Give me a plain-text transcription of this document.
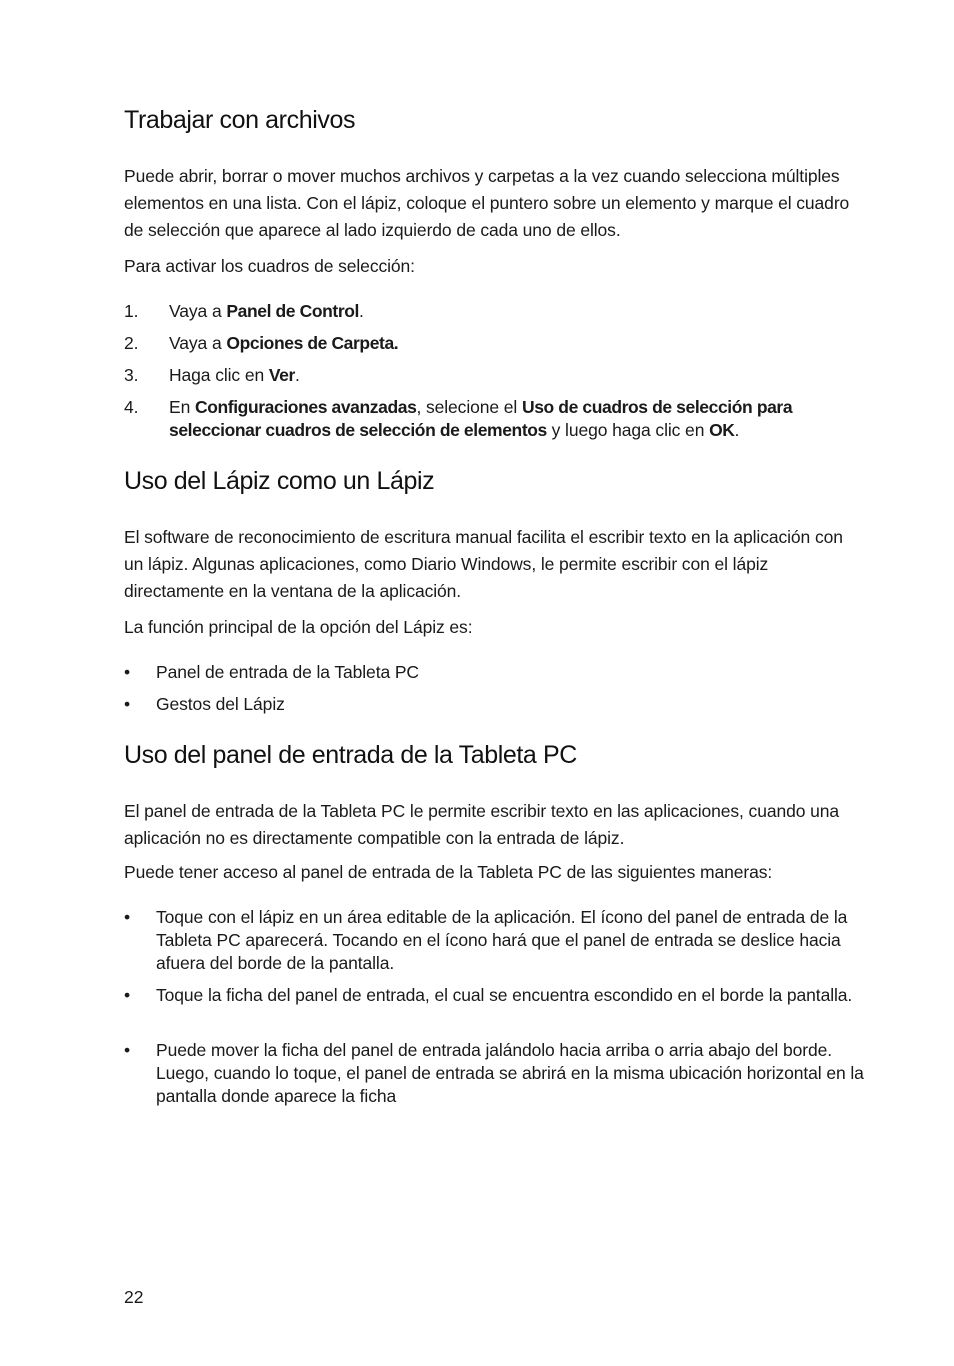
Trabajar con archivos

Puede abrir, borrar o mover muchos archivos y carpetas a la vez cuando selecciona múltiples elementos en una lista. Con el lápiz, coloque el puntero sobre un elemento y marque el cuadro de selección que aparece al lado izquierdo de cada uno de ellos.

Para activar los cuadros de selección:

1. Vaya a Panel de Control.
2. Vaya a Opciones de Carpeta.
3. Haga clic en Ver.
4. En Configuraciones avanzadas, selecione el Uso de cuadros de selección para seleccionar cuadros de selección de elementos y luego haga clic en OK.
Uso del Lápiz como un Lápiz

El software de reconocimiento de escritura manual facilita el escribir texto en la aplicación con un lápiz. Algunas aplicaciones, como Diario Windows, le permite escribir con el lápiz directamente en la ventana de la aplicación.

La función principal de la opción del Lápiz es:

• Panel de entrada de la Tableta PC
• Gestos del Lápiz
Uso del panel de entrada de la Tableta PC

El panel de entrada de la Tableta PC le permite escribir texto en las aplicaciones, cuando una aplicación no es directamente compatible con la entrada de lápiz.

Puede tener acceso al panel de entrada de la Tableta PC de las siguientes maneras:

• Toque con el lápiz en un área editable de la aplicación. El ícono del panel de entrada de la Tableta PC aparecerá. Tocando en el ícono hará que el panel de entrada se deslice hacia afuera del borde de la pantalla.
• Toque la ficha del panel de entrada, el cual se encuentra escondido en el borde la pantalla.
• Puede mover la ficha del panel de entrada jalándolo hacia arriba o arria abajo del borde. Luego, cuando lo toque, el panel de entrada se abrirá en la misma ubicación horizontal en la pantalla donde aparece la ficha
22
